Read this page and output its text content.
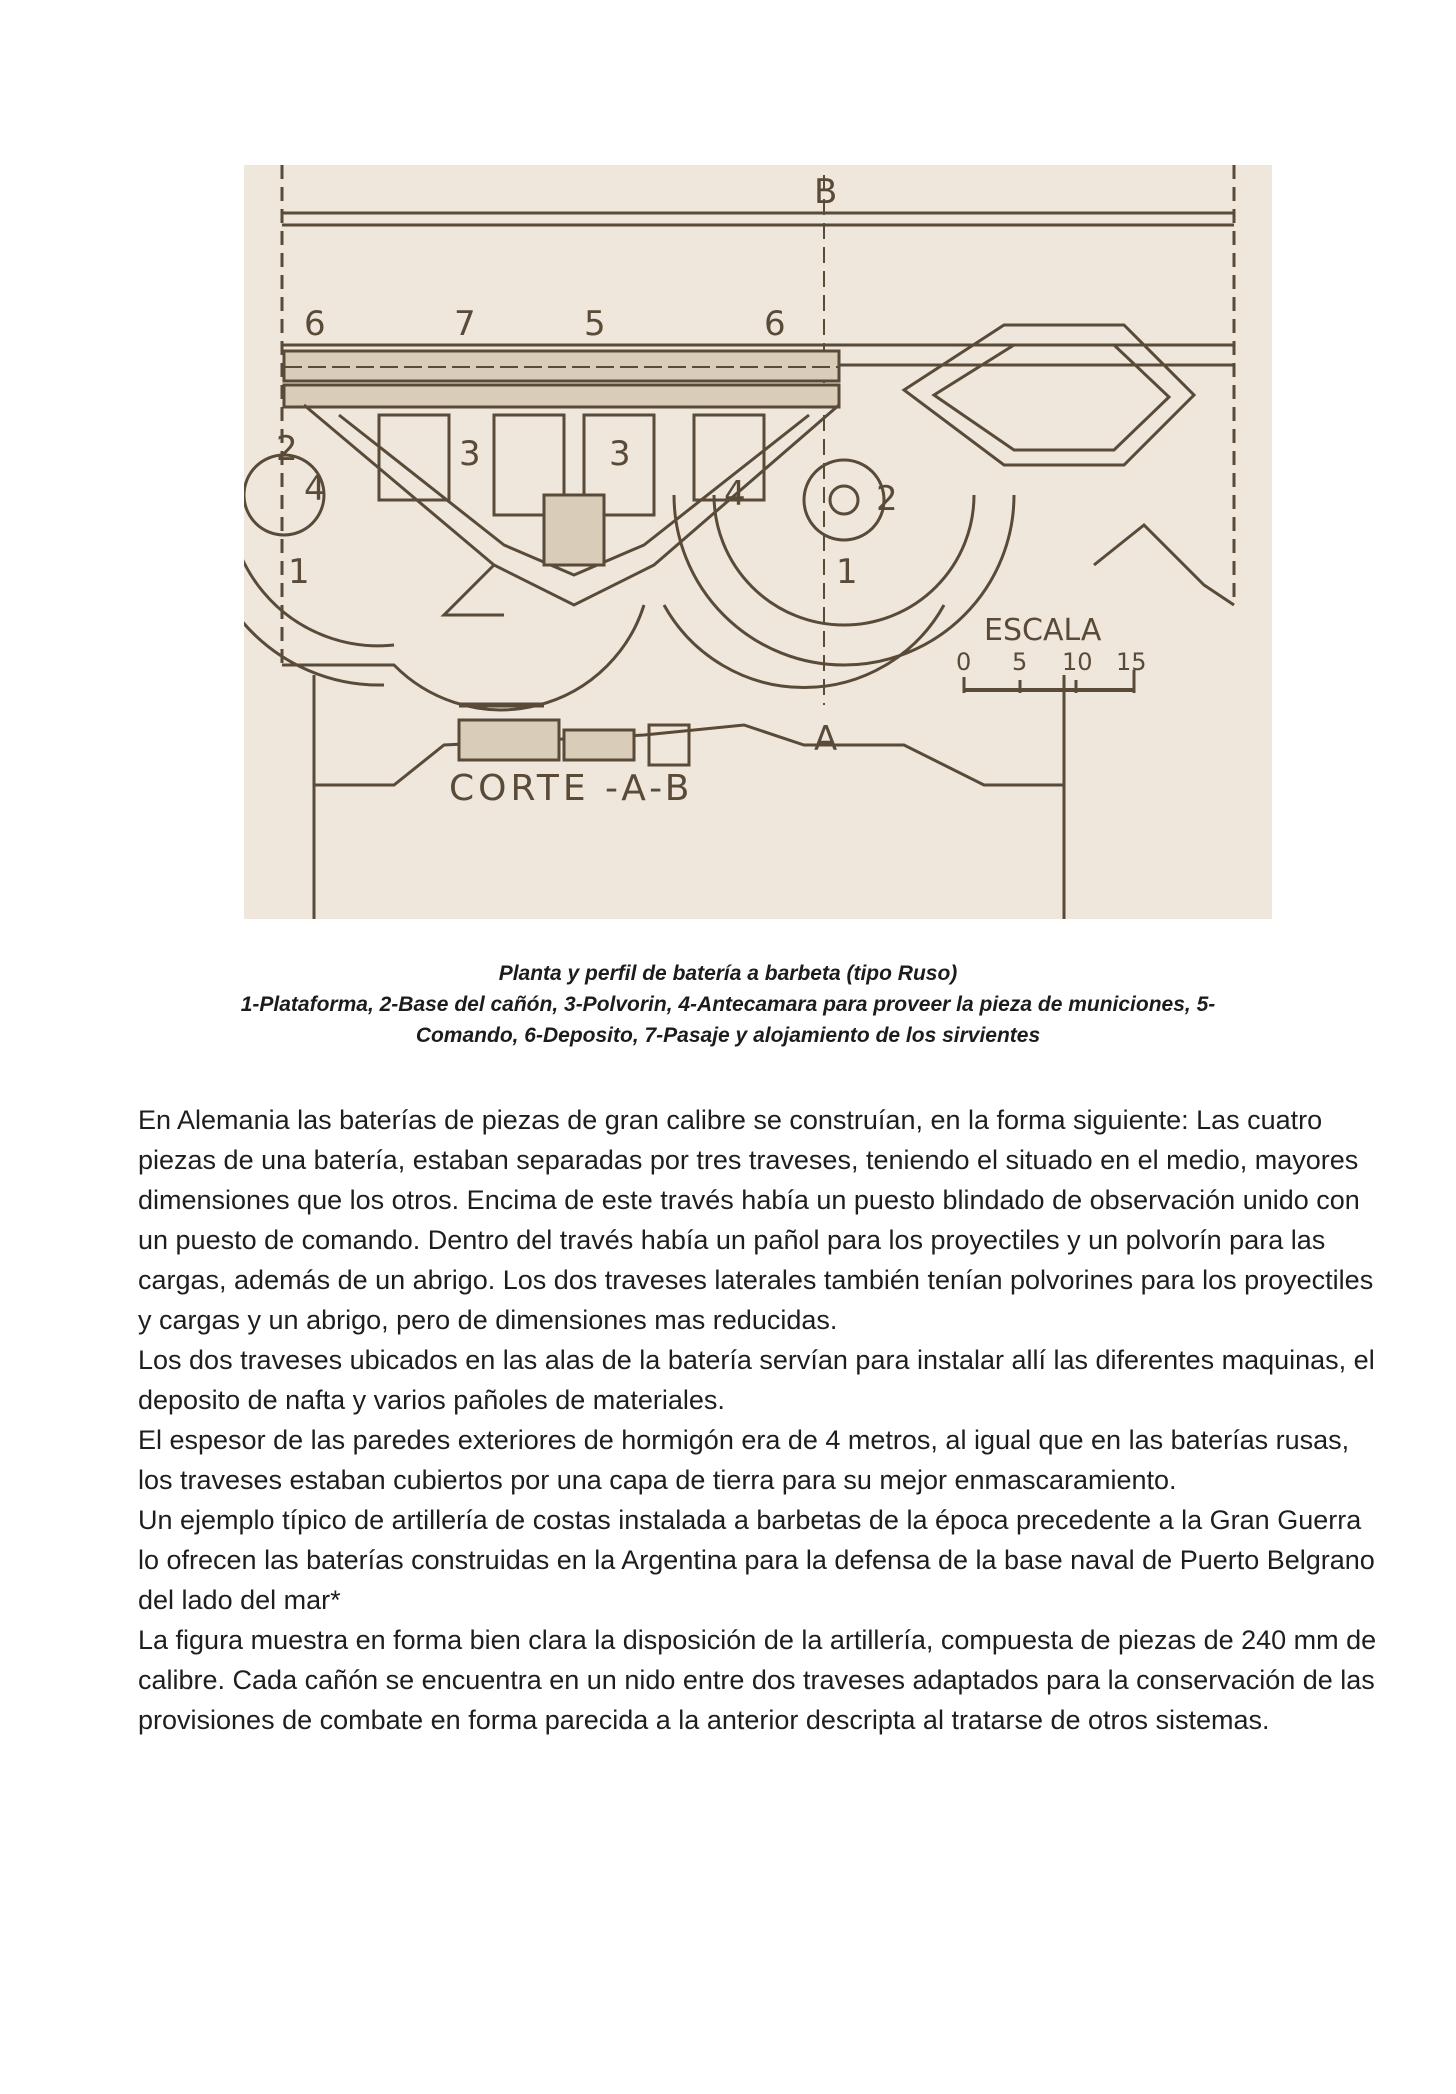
B
A
6	7	5	6
3	3
4	4
2
2
1	1
ESCALA
0 5 10 15
CORTE -A-B

Planta y perfil de batería a barbeta (tipo Ruso)

1-Plataforma, 2-Base del cañón, 3-Polvorin, 4-Antecamara para proveer la pieza de municiones, 5-

Comando, 6-Deposito, 7-Pasaje y alojamiento de los sirvientes

En Alemania las baterías de piezas de gran calibre se construían, en la forma siguiente: Las cuatro piezas de una batería, estaban separadas por tres traveses, teniendo el situado en el medio, mayores dimensiones que los otros. Encima de este través había un puesto blindado de observación unido con un puesto de comando. Dentro del través había un pañol para los proyectiles y un polvorín para las cargas, además de un abrigo. Los dos traveses laterales también tenían polvorines para los proyectiles y cargas y un abrigo, pero de dimensiones mas reducidas.

Los dos traveses ubicados en las alas de la batería servían para instalar allí las diferentes maquinas, el deposito de nafta y varios pañoles de materiales.

El espesor de las paredes exteriores de hormigón era de 4 metros, al igual que en las baterías rusas, los traveses estaban cubiertos por una capa de tierra para su mejor enmascaramiento.

Un ejemplo típico de artillería de costas instalada a barbetas de la época precedente a la Gran Guerra lo ofrecen las baterías construidas en la Argentina para la defensa de la base naval de Puerto Belgrano del lado del mar*

La figura muestra en forma bien clara la disposición de la artillería, compuesta de piezas de 240 mm de calibre. Cada cañón se encuentra en un nido entre dos traveses adaptados para la conservación de las provisiones de combate en forma parecida a la anterior descripta al tratarse de otros sistemas.
